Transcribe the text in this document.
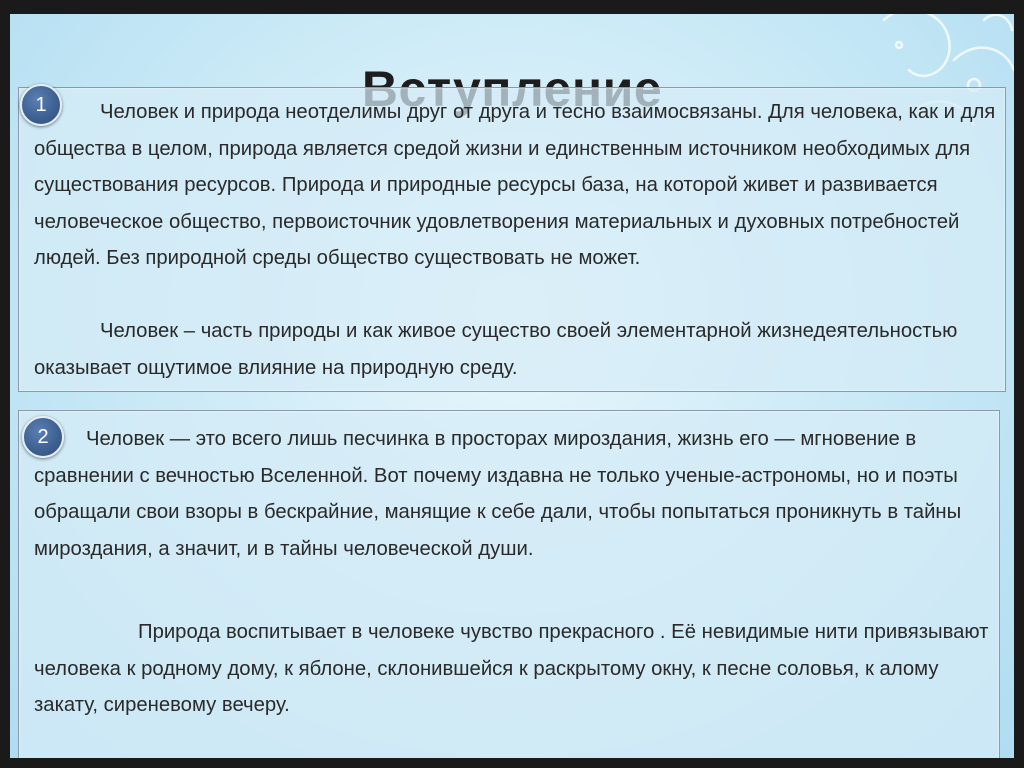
1	Человек и природа неотделимы друг от друга и тесно взаимосвязаны. Для человека, как и для общества в целом, природа является средой жизни и единственным источником необходимых для существования ресурсов. Природа и природные ресурсы база, на которой живет и развивается человеческое общество, первоисточник удовлетворения материальных и духовных потребностей людей. Без природной среды общество существовать не может.

Человек – часть природы и как живое существо своей элементарной жизнедеятельностью оказывает ощутимое влияние на природную среду.

2	Человек — это всего лишь песчинка в просторах мироздания, жизнь его — мгновение в сравнении с вечностью Вселенной. Вот почему издавна не только ученые-астрономы, но и поэты обращали свои взоры в бескрайние, манящие к себе дали, чтобы попытаться проникнуть в тайны мироздания, а значит, и в тайны человеческой души.

Природа воспитывает в человеке чувство прекрасного . Её невидимые нити привязывают человека к родному дому, к яблоне, склонившейся к раскрытому окну, к песне соловья, к алому закату, сиреневому вечеру.
